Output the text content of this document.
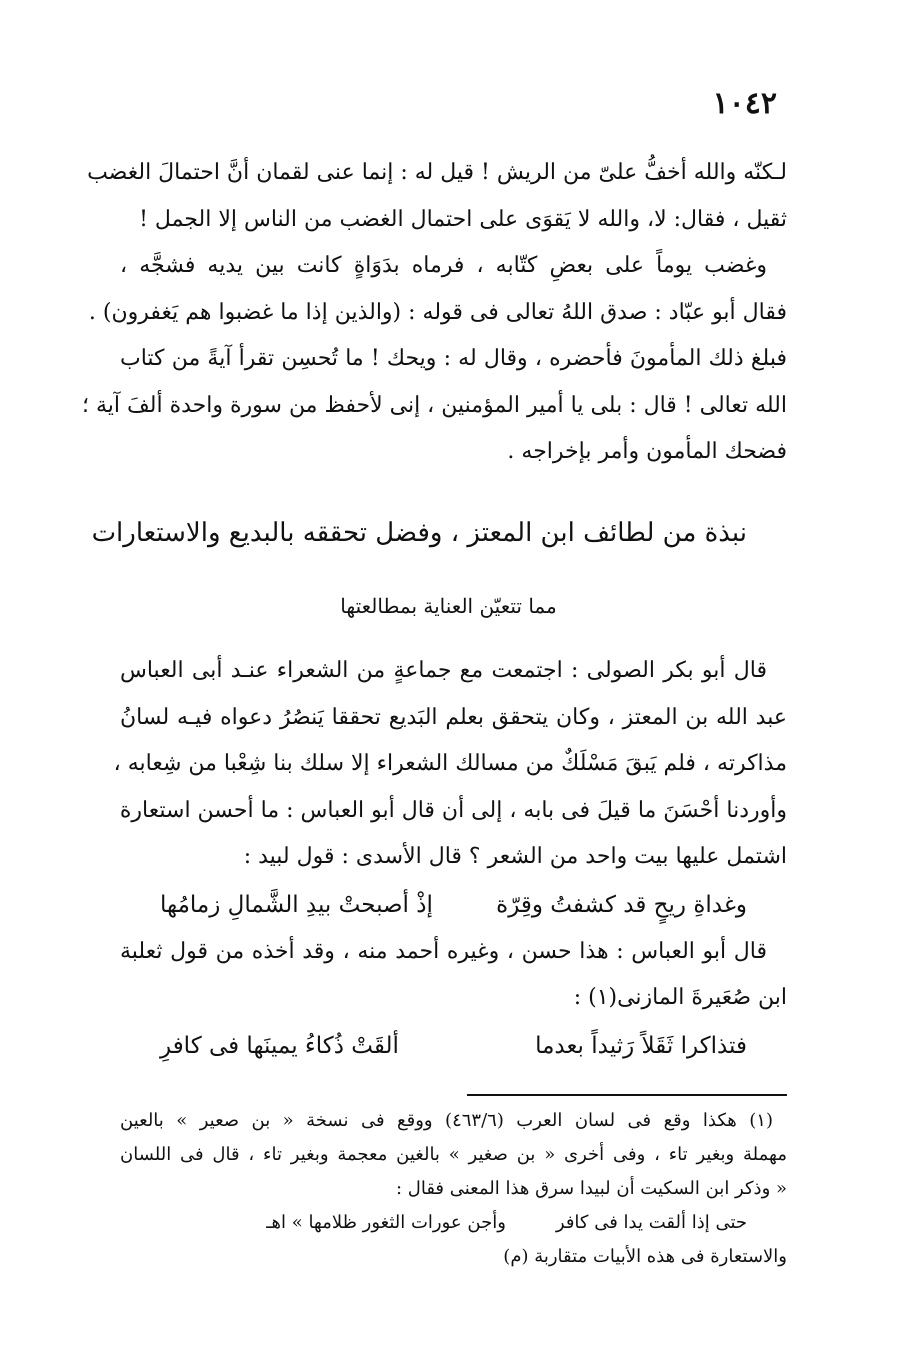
١٠٤٢
لـكنّه والله أخفُّ علىّ من الريش ! قيل له : إنما عنى لقمان أنَّ احتمالَ الغضب
ثقيل ، فقال: لا، والله لا يَقوَى على احتمال الغضب من الناس إلا الجمل !
وغضب يوماً على بعضِ كتّابه ، فرماه بدَوَاةٍ كانت بين يديه فشجَّه ،
فقال أبو عبّاد : صدق اللهُ تعالى فى قوله : (والذين إذا ما غضبوا هم يَغفرون) .
فبلغ ذلك المأمونَ فأحضره ، وقال له : ويحك ! ما تُحسِن تقرأ آيةً من كتاب
الله تعالى ! قال : بلى يا أمير المؤمنين ، إنى لأحفظ من سورة واحدة ألفَ آية ؛
فضحك المأمون وأمر بإخراجه .
نبذة من لطائف ابن المعتز ، وفضل تحققه بالبديع والاستعارات
مما تتعيّن العناية بمطالعتها
قال أبو بكر الصولى : اجتمعت مع جماعةٍ من الشعراء عنـد أبى العباس
عبد الله بن المعتز ، وكان يتحقق بعلم البَديع تحققا يَنصُرُ دعواه فيـه لسانُ
مذاكرته ، فلم يَبقَ مَسْلَكٌ من مسالك الشعراء إلا سلك بنا شِعْبا من شِعابه ،
وأوردنا أحْسَنَ ما قيلَ فى بابه ، إلى أن قال أبو العباس : ما أحسن استعارة
اشتمل عليها بيت واحد من الشعر ؟ قال الأسدى : قول لبيد :
وغداةِ ريحٍ قد كشفتُ وقِرّة
إذْ أصبحتْ بيدِ الشَّمالِ زمامُها
قال أبو العباس : هذا حسن ، وغيره أحمد منه ، وقد أخذه من قول ثعلبة
ابن صُعَيرةَ المازنى(١) :
فتذاكرا ثَقَلاً رَثيداً بعدما
ألقَتْ ذُكاءُ يمينَها فى كافرِ
(١) هكذا وقع فى لسان العرب (٤٦٣/٦) ووقع فى نسخة « بن صعير » بالعين
مهملة وبغير تاء ، وفى أخرى « بن صغير » بالغين معجمة وبغير تاء ، قال فى اللسان
« وذكر ابن السكيت أن لبيدا سرق هذا المعنى فقال :
حتى إذا ألقت يدا فى كافر
وأجن عورات الثغور ظلامها » اهـ
والاستعارة فى هذه الأبيات متقاربة (م)
